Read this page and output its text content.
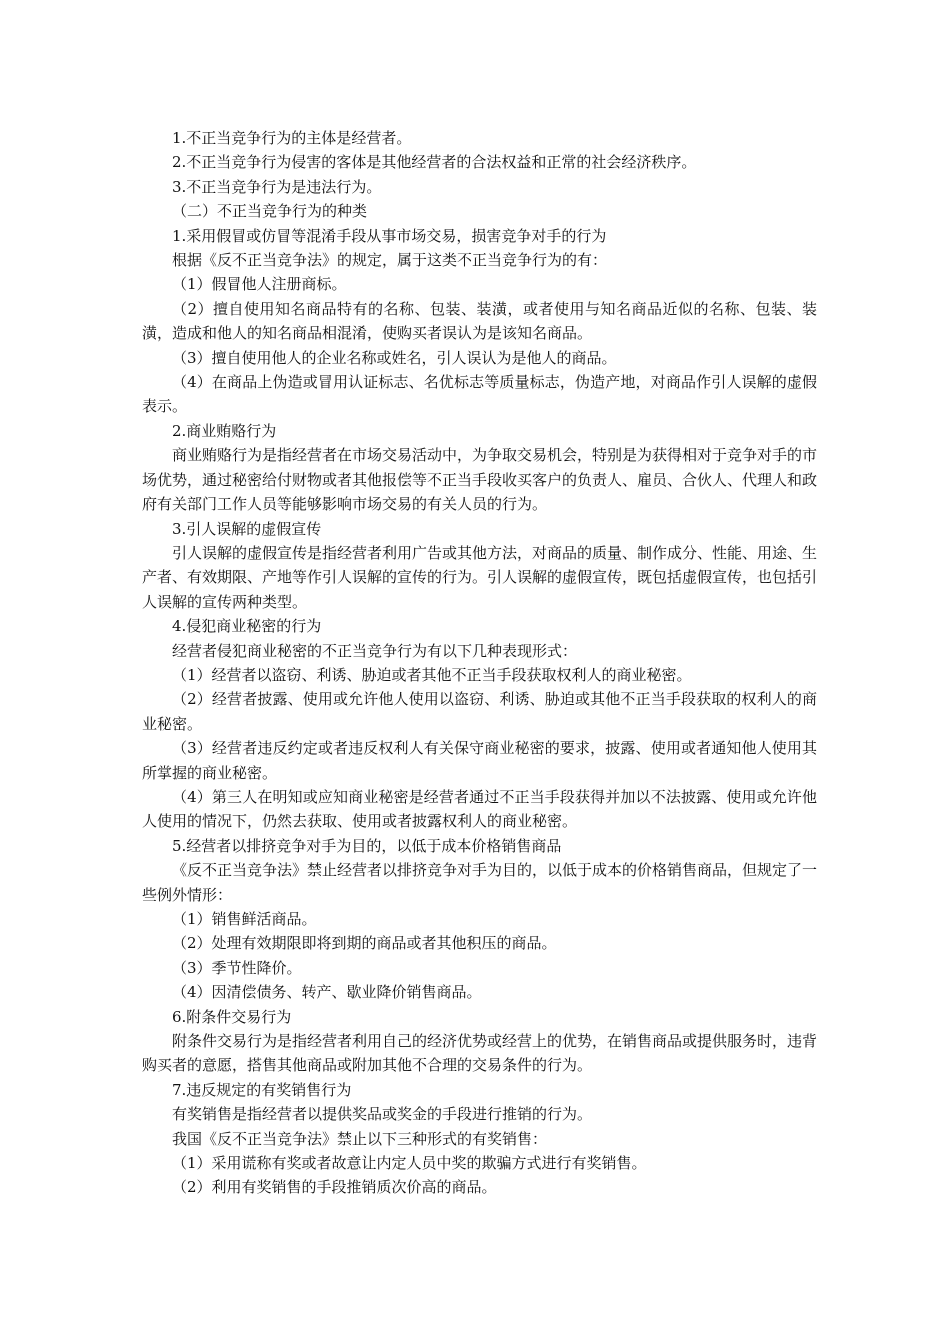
1.不正当竞争行为的主体是经营者。

2.不正当竞争行为侵害的客体是其他经营者的合法权益和正常的社会经济秩序。

3.不正当竞争行为是违法行为。

（二）不正当竞争行为的种类

1.采用假冒或仿冒等混淆手段从事市场交易，损害竞争对手的行为

根据《反不正当竞争法》的规定，属于这类不正当竞争行为的有：

（1）假冒他人注册商标。

（2）擅自使用知名商品特有的名称、包装、装潢，或者使用与知名商品近似的名称、包装、装潢，造成和他人的知名商品相混淆，使购买者误认为是该知名商品。

（3）擅自使用他人的企业名称或姓名，引人误认为是他人的商品。

（4）在商品上伪造或冒用认证标志、名优标志等质量标志，伪造产地，对商品作引人误解的虚假表示。

2.商业贿赂行为

商业贿赂行为是指经营者在市场交易活动中，为争取交易机会，特别是为获得相对于竞争对手的市场优势，通过秘密给付财物或者其他报偿等不正当手段收买客户的负责人、雇员、合伙人、代理人和政府有关部门工作人员等能够影响市场交易的有关人员的行为。

3.引人误解的虚假宣传

引人误解的虚假宣传是指经营者利用广告或其他方法，对商品的质量、制作成分、性能、用途、生产者、有效期限、产地等作引人误解的宣传的行为。引人误解的虚假宣传，既包括虚假宣传，也包括引人误解的宣传两种类型。

4.侵犯商业秘密的行为

经营者侵犯商业秘密的不正当竞争行为有以下几种表现形式：

（1）经营者以盗窃、利诱、胁迫或者其他不正当手段获取权利人的商业秘密。

（2）经营者披露、使用或允许他人使用以盗窃、利诱、胁迫或其他不正当手段获取的权利人的商业秘密。

（3）经营者违反约定或者违反权利人有关保守商业秘密的要求，披露、使用或者通知他人使用其所掌握的商业秘密。

（4）第三人在明知或应知商业秘密是经营者通过不正当手段获得并加以不法披露、使用或允许他人使用的情况下，仍然去获取、使用或者披露权利人的商业秘密。

5.经营者以排挤竞争对手为目的，以低于成本价格销售商品

《反不正当竞争法》禁止经营者以排挤竞争对手为目的，以低于成本的价格销售商品，但规定了一些例外情形：

（1）销售鲜活商品。

（2）处理有效期限即将到期的商品或者其他积压的商品。

（3）季节性降价。

（4）因清偿债务、转产、歇业降价销售商品。

6.附条件交易行为

附条件交易行为是指经营者利用自己的经济优势或经营上的优势，在销售商品或提供服务时，违背购买者的意愿，搭售其他商品或附加其他不合理的交易条件的行为。

7.违反规定的有奖销售行为

有奖销售是指经营者以提供奖品或奖金的手段进行推销的行为。

我国《反不正当竞争法》禁止以下三种形式的有奖销售：

（1）采用谎称有奖或者故意让内定人员中奖的欺骗方式进行有奖销售。

（2）利用有奖销售的手段推销质次价高的商品。
